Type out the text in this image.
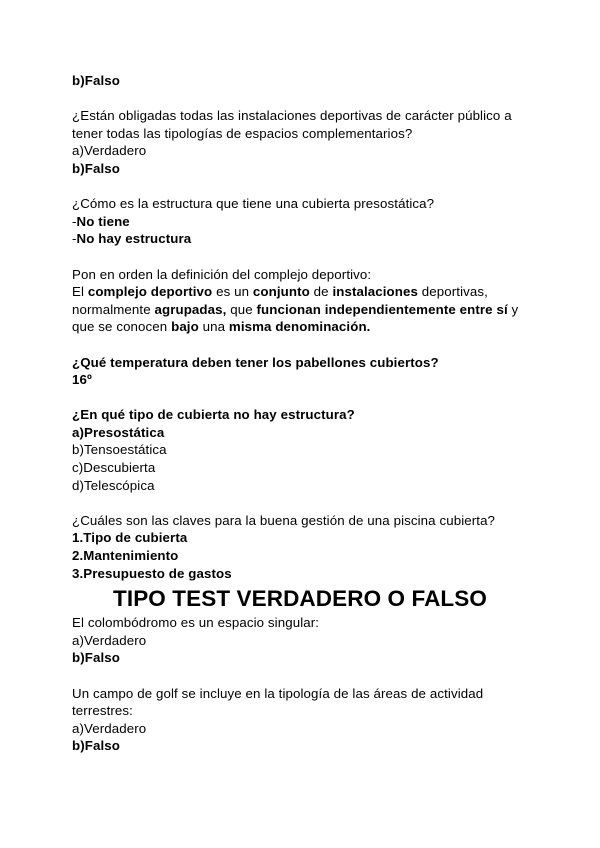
b)Falso
¿Están obligadas todas las instalaciones deportivas de carácter público a
tener todas las tipologías de espacios complementarios?
a)Verdadero
b)Falso
¿Cómo es la estructura que tiene una cubierta presostática?
-No tiene
-No hay estructura
Pon en orden la definición del complejo deportivo:
El complejo deportivo es un conjunto de instalaciones deportivas,
normalmente agrupadas, que funcionan independientemente entre sí y
que se conocen bajo una misma denominación.
¿Qué temperatura deben tener los pabellones cubiertos?
16º
¿En qué tipo de cubierta no hay estructura?
a)Presostática
b)Tensoestática
c)Descubierta
d)Telescópica
¿Cuáles son las claves para la buena gestión de una piscina cubierta?
1.Tipo de cubierta
2.Mantenimiento
3.Presupuesto de gastos
TIPO TEST VERDADERO O FALSO
El colombódromo es un espacio singular:
a)Verdadero
b)Falso
Un campo de golf se incluye en la tipología de las áreas de actividad
terrestres:
a)Verdadero
b)Falso
